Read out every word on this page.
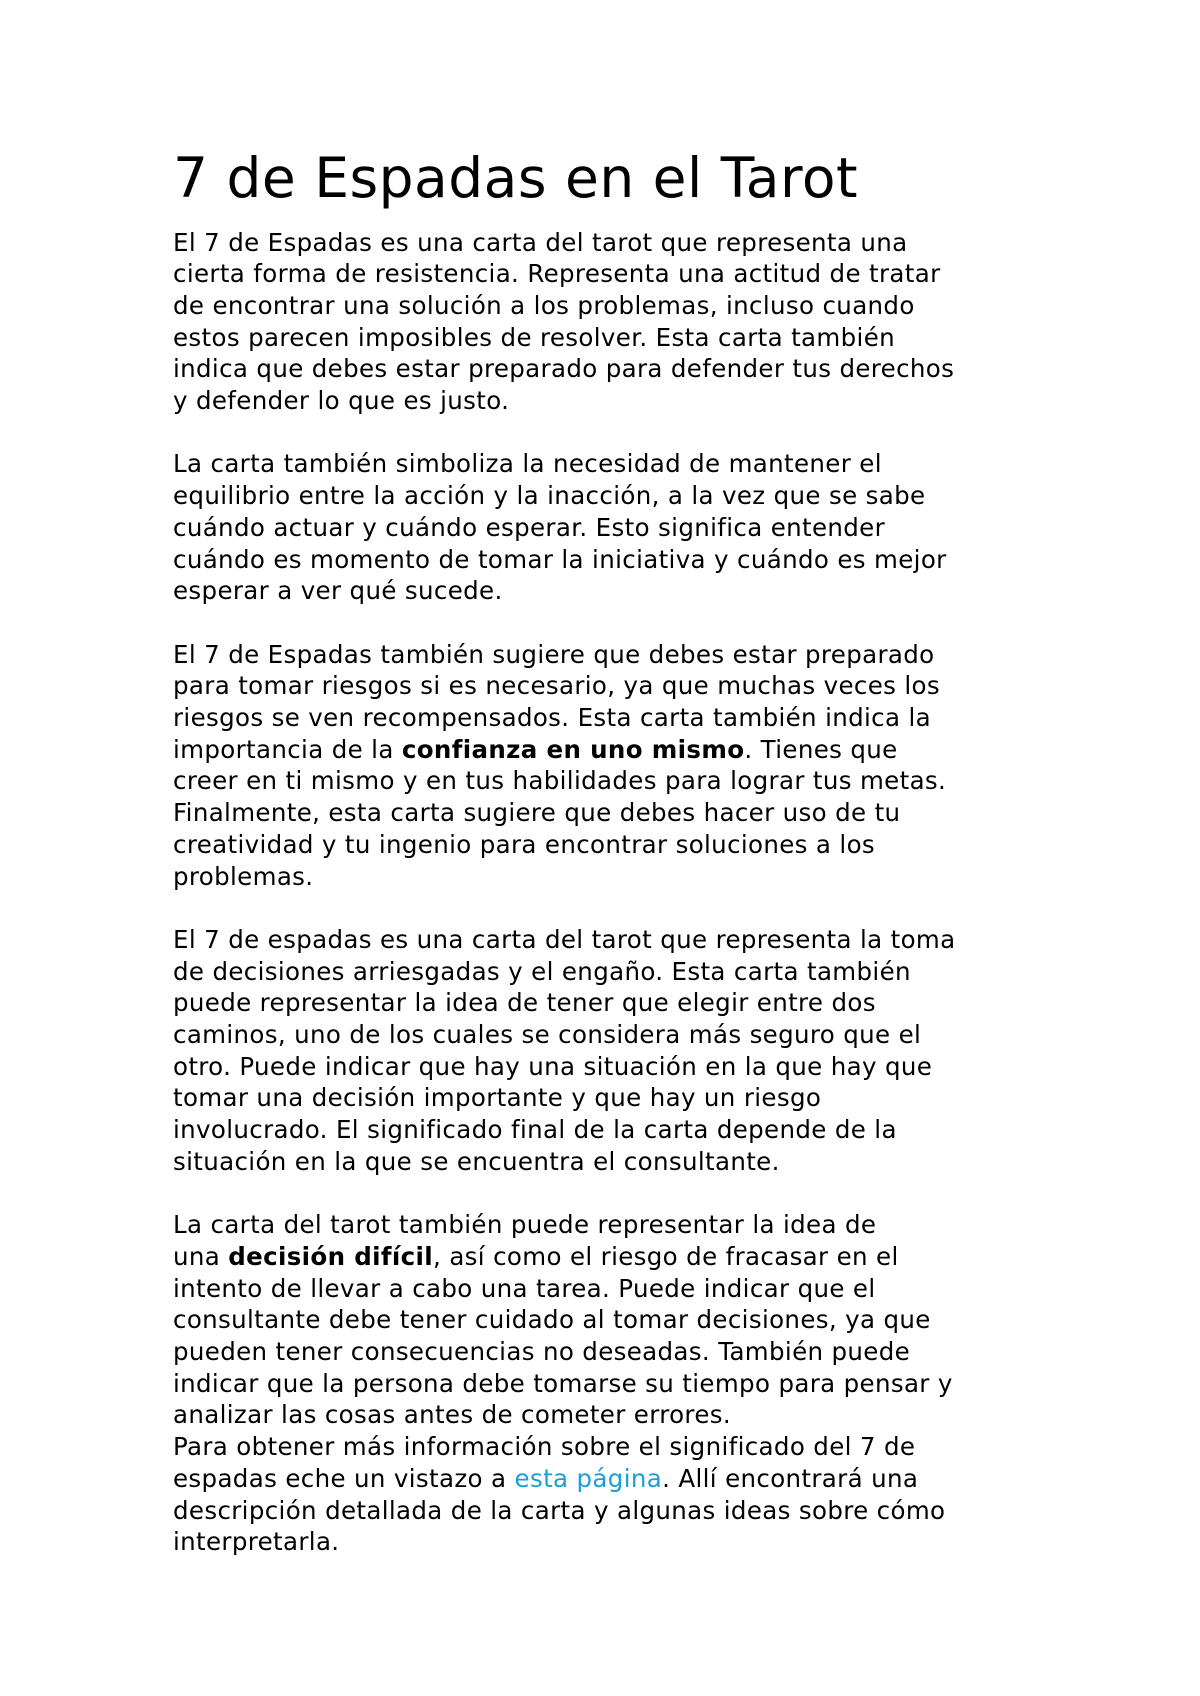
7 de Espadas en el Tarot

El 7 de Espadas es una carta del tarot que representa una
cierta forma de resistencia. Representa una actitud de tratar
de encontrar una solución a los problemas, incluso cuando
estos parecen imposibles de resolver. Esta carta también
indica que debes estar preparado para defender tus derechos
y defender lo que es justo.

La carta también simboliza la necesidad de mantener el
equilibrio entre la acción y la inacción, a la vez que se sabe
cuándo actuar y cuándo esperar. Esto significa entender
cuándo es momento de tomar la iniciativa y cuándo es mejor
esperar a ver qué sucede.

El 7 de Espadas también sugiere que debes estar preparado
para tomar riesgos si es necesario, ya que muchas veces los
riesgos se ven recompensados. Esta carta también indica la
importancia de la confianza en uno mismo. Tienes que
creer en ti mismo y en tus habilidades para lograr tus metas.
Finalmente, esta carta sugiere que debes hacer uso de tu
creatividad y tu ingenio para encontrar soluciones a los
problemas.

El 7 de espadas es una carta del tarot que representa la toma
de decisiones arriesgadas y el engaño. Esta carta también
puede representar la idea de tener que elegir entre dos
caminos, uno de los cuales se considera más seguro que el
otro. Puede indicar que hay una situación en la que hay que
tomar una decisión importante y que hay un riesgo
involucrado. El significado final de la carta depende de la
situación en la que se encuentra el consultante.

La carta del tarot también puede representar la idea de
una decisión difícil, así como el riesgo de fracasar en el
intento de llevar a cabo una tarea. Puede indicar que el
consultante debe tener cuidado al tomar decisiones, ya que
pueden tener consecuencias no deseadas. También puede
indicar que la persona debe tomarse su tiempo para pensar y
analizar las cosas antes de cometer errores.

Para obtener más información sobre el significado del 7 de
espadas eche un vistazo a esta página. Allí encontrará una
descripción detallada de la carta y algunas ideas sobre cómo
interpretarla.
